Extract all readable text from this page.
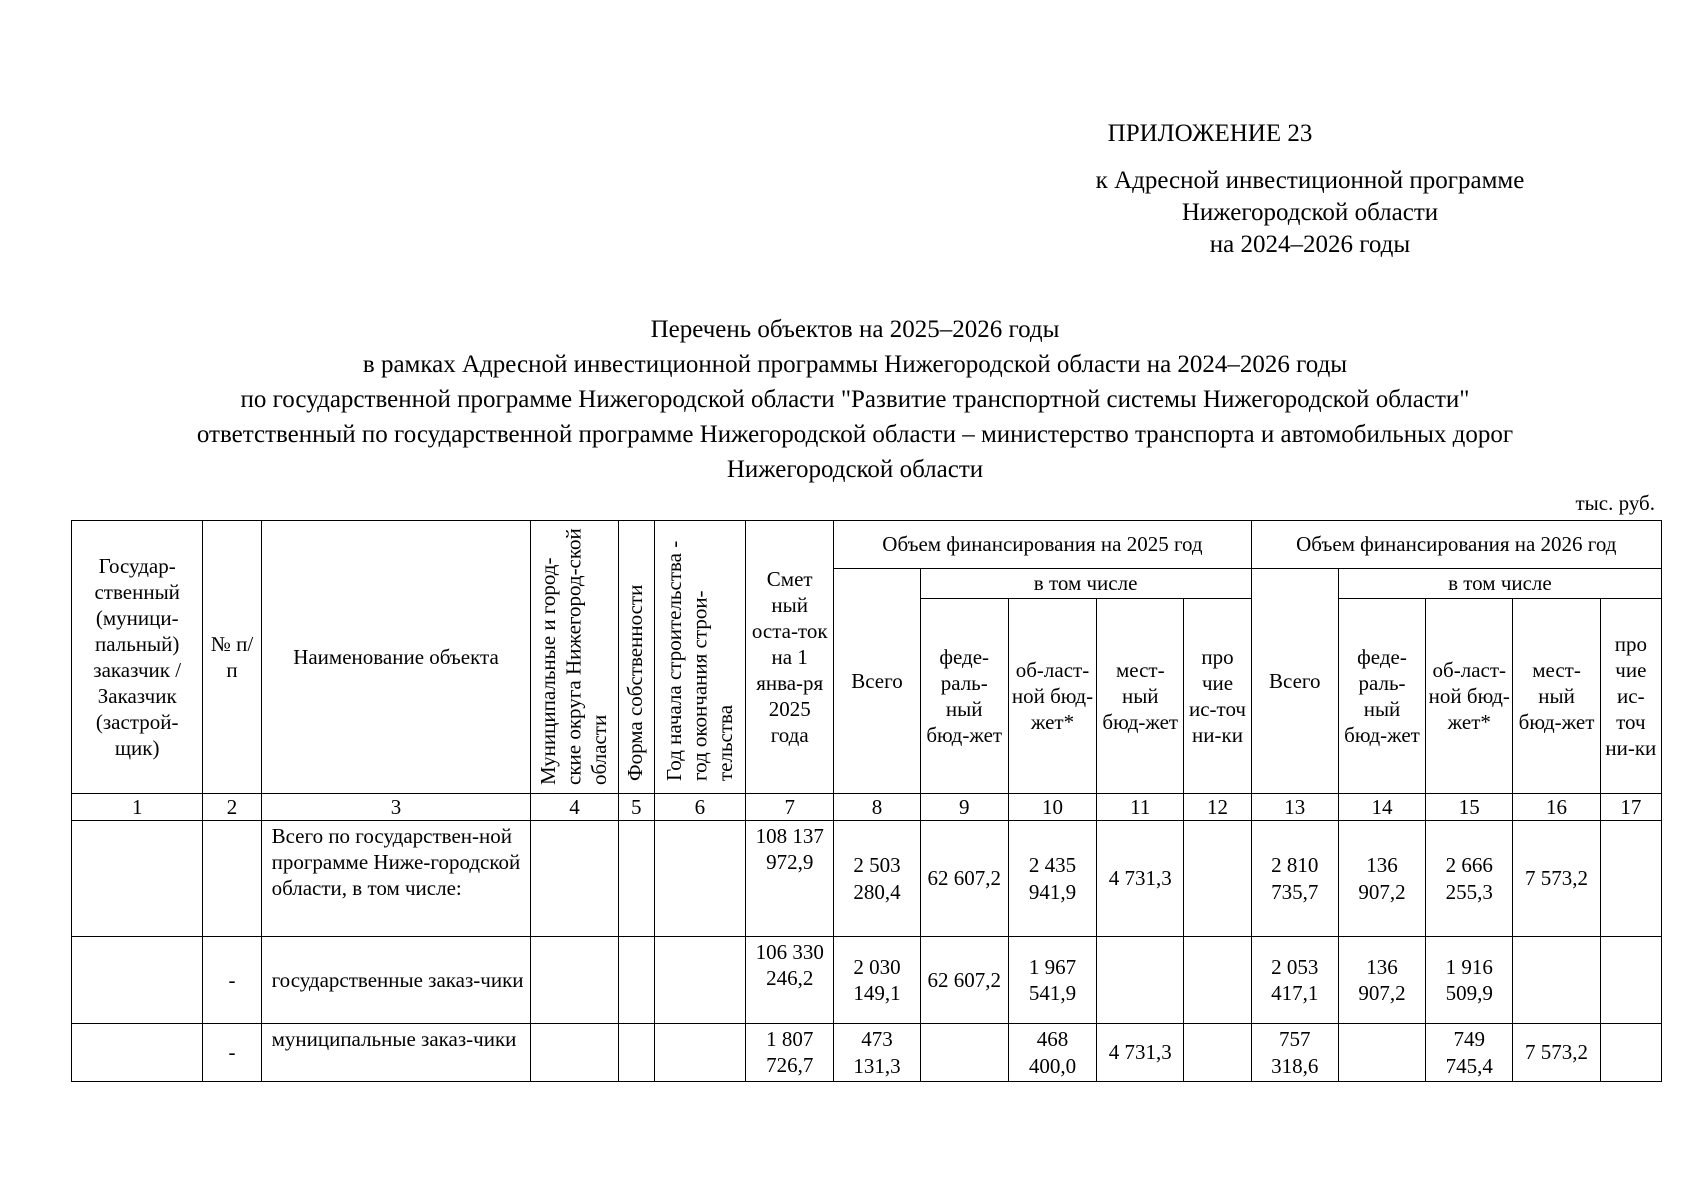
ПРИЛОЖЕНИЕ 23
к Адресной инвестиционной программе
Нижегородской области
на 2024–2026 годы
Перечень объектов на 2025–2026 годы
в рамках Адресной инвестиционной программы Нижегородской области на 2024–2026 годы
по государственной программе Нижегородской области "Развитие транспортной системы Нижегородской области"
ответственный по государственной программе Нижегородской области – министерство транспорта и автомобильных дорог
Нижегородской области
тыс. руб.
Государ-ственный (муници-пальный) заказчик / Заказчик (застрой-щик)	№ п/п	Наименование объекта	Муниципальные и город-ские округа Нижегород-ской области	Форма собственности	Год начала строительства - год окончания строи-тельства	Смет ный оста-ток на 1 янва-ря 2025 года	Объем финансирования на 2025 год					Объем финансирования на 2026 год				
							Всего	в том числе				Всего	в том числе			
								феде-раль-ный бюд-жет	об-ласт-ной бюд-жет*	мест-ный бюд-жет	про чие ис-точ ни-ки		феде-раль-ный бюд-жет	об-ласт-ной бюд-жет*	мест-ный бюд-жет	про чие ис-точ ни-ки
1	2	3	4	5	6	7	8	9	10	11	12	13	14	15	16	17
		Всего по государствен-ной программе Ниже-городской области, в том числе:				108 137 972,9	2 503 280,4	62 607,2	2 435 941,9	4 731,3		2 810 735,7	136 907,2	2 666 255,3	7 573,2	
	-	государственные заказ-чики				106 330 246,2	2 030 149,1	62 607,2	1 967 541,9			2 053 417,1	136 907,2	1 916 509,9		
	-	муниципальные заказ-чики				1 807 726,7	473 131,3		468 400,0	4 731,3		757 318,6		749 745,4	7 573,2	
